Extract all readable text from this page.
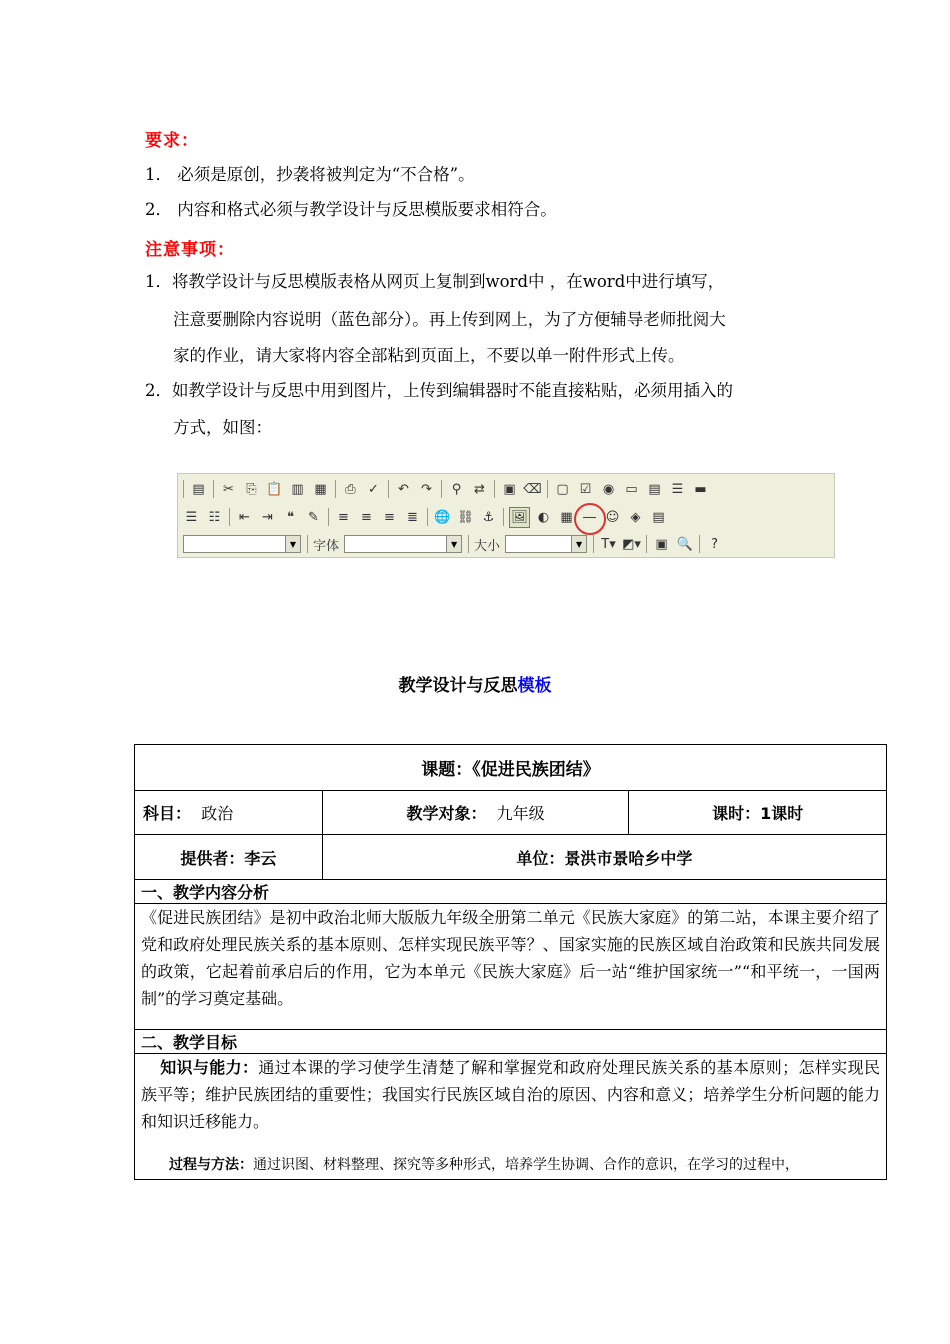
要求：
1． 必须是原创，抄袭将被判定为“不合格”。
2． 内容和格式必须与教学设计与反思模版要求相符合。
注意事项：
1．将教学设计与反思模版表格从网页上复制到word中 ，在word中进行填写，
注意要删除内容说明（蓝色部分）。再上传到网上，为了方便辅导老师批阅大
家的作业，请大家将内容全部粘到页面上，不要以单一附件形式上传。
2．如教学设计与反思中用到图片，上传到编辑器时不能直接粘贴，必须用插入的
方式，如图：
▤	✂ ⎘ 📋 ▥ ▦	⎙ ✓	↶ ↷	⚲ ⇄	▣ ⌫ ▢ ☑ ◉ ▭ ▤ ☰ ▬
☰ ☷	⇤ ⇥	❝	✎	≡ ≡ ≡ ≣	🌐 ⛓ ⚓ 🖼 ◐ ▦ ― ☺ ◈ ▤
▼	字体	▼	大小	▼	T▾ ◩▾ ▣ 🔍	?
教学设计与反思模板
课题：《促进民族团结》		
科目： 政治	教学对象： 九年级	课时：1课时
提供者：李云	单位：景洪市景哈乡中学	
一、教学内容分析		

《促进民族团结》是初中政治北师大版版九年级全册第二单元《民族大家庭》的第二站，本课主要介绍了党和政府处理民族关系的基本原则、怎样实现民族平等？、国家实施的民族区域自治政策和民族共同发展的政策，它起着前承启后的作用，它为本单元《民族大家庭》后一站“维护国家统一”“和平统一，一国两制”的学习奠定基础。		

二、教学目标		

知识与能力：通过本课的学习使学生清楚了解和掌握党和政府处理民族关系的基本原则；怎样实现民族平等；维护民族团结的重要性；我国实行民族区域自治的原因、内容和意义；培养学生分析问题的能力和知识迁移能力。
过程与方法：通过识图、材料整理、探究等多种形式，培养学生协调、合作的意识，在学习的过程中，		
